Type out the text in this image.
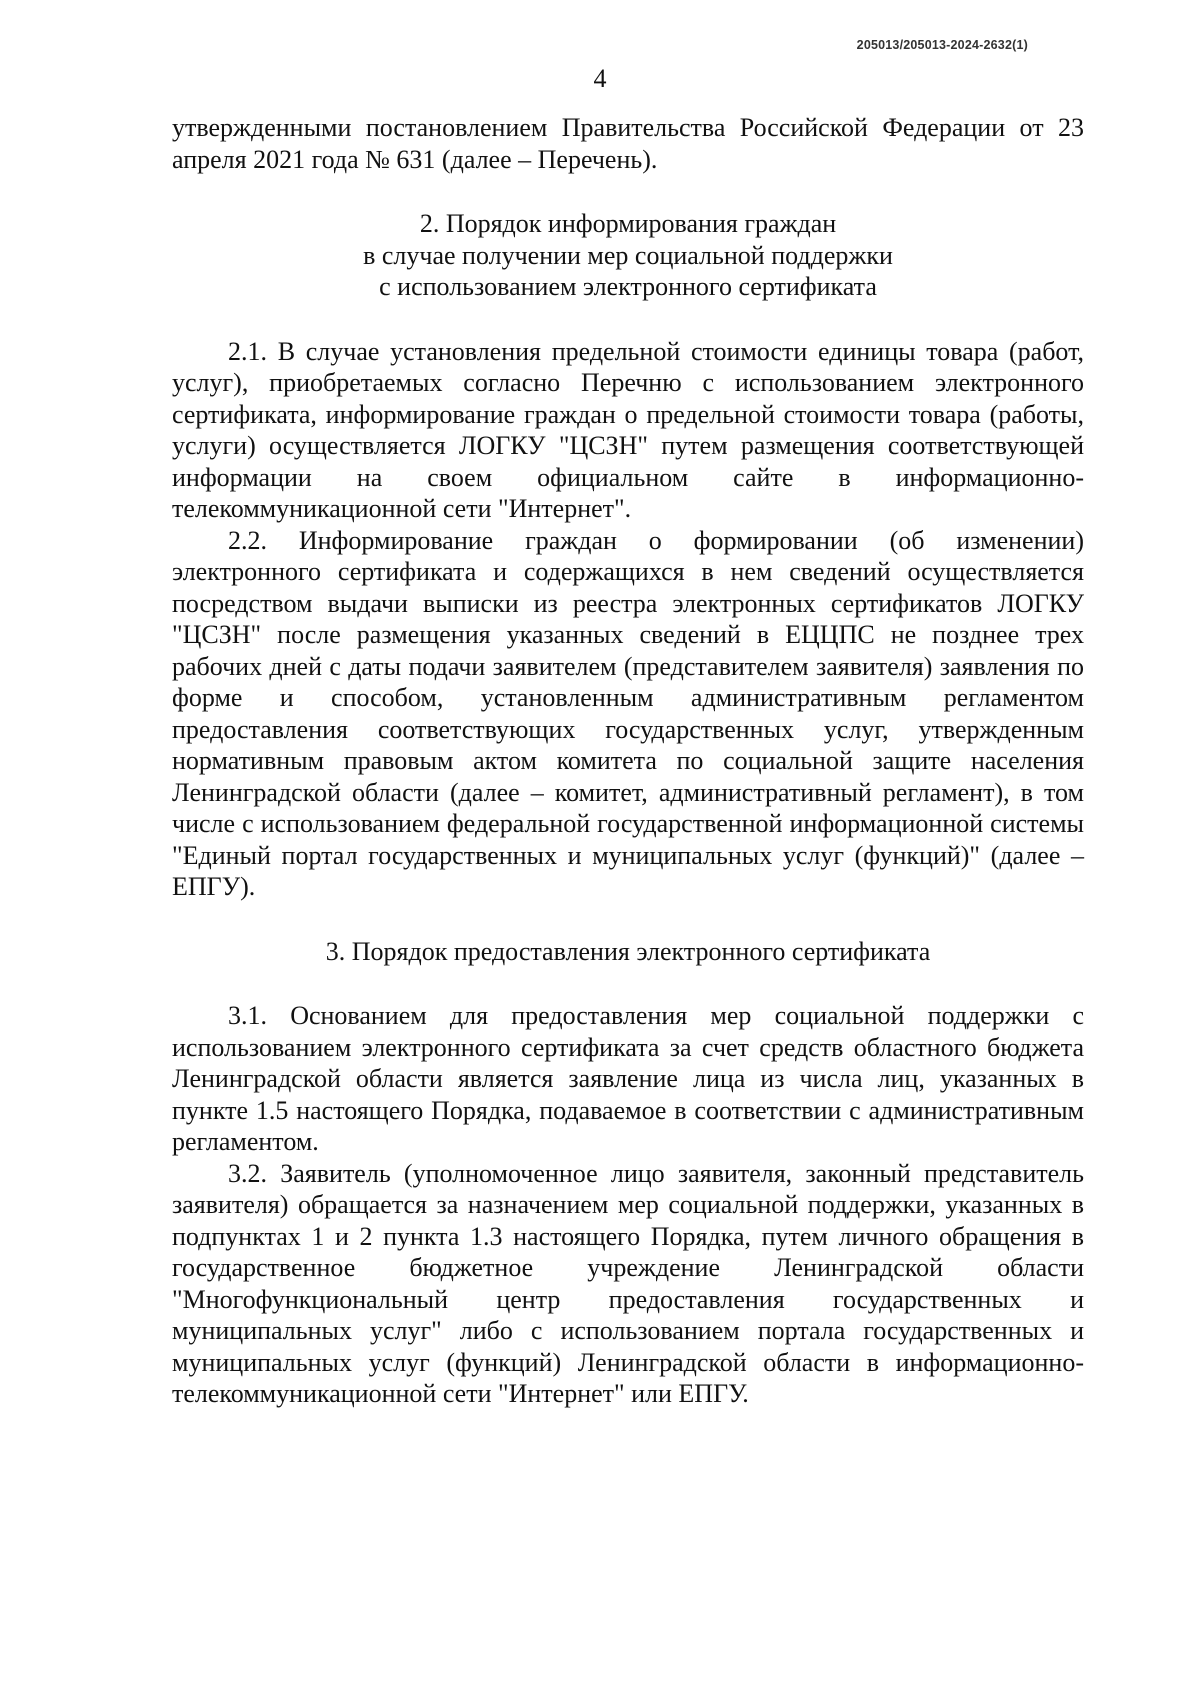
205013/205013-2024-2632(1)
4

утвержденными постановлением Правительства Российской Федерации от 23 апреля 2021 года № 631 (далее – Перечень).

2. Порядок информирования граждан
в случае получении мер социальной поддержки
с использованием электронного сертификата

2.1. В случае установления предельной стоимости единицы товара (работ, услуг), приобретаемых согласно Перечню с использованием электронного сертификата, информирование граждан о предельной стоимости товара (работы, услуги) осуществляется ЛОГКУ "ЦСЗН" путем размещения соответствующей информации на своем официальном сайте в информационно-телекоммуникационной сети "Интернет".

2.2. Информирование граждан о формировании (об изменении) электронного сертификата и содержащихся в нем сведений осуществляется посредством выдачи выписки из реестра электронных сертификатов ЛОГКУ "ЦСЗН" после размещения указанных сведений в ЕЦЦПС не позднее трех рабочих дней с даты подачи заявителем (представителем заявителя) заявления по форме и способом, установленным административным регламентом предоставления соответствующих государственных услуг, утвержденным нормативным правовым актом комитета по социальной защите населения Ленинградской области (далее – комитет, административный регламент), в том числе с использованием федеральной государственной информационной системы "Единый портал государственных и муниципальных услуг (функций)" (далее – ЕПГУ).

3. Порядок предоставления электронного сертификата

3.1. Основанием для предоставления мер социальной поддержки с использованием электронного сертификата за счет средств областного бюджета Ленинградской области является заявление лица из числа лиц, указанных в пункте 1.5 настоящего Порядка, подаваемое в соответствии с административным регламентом.

3.2. Заявитель (уполномоченное лицо заявителя, законный представитель заявителя) обращается за назначением мер социальной поддержки, указанных в подпунктах 1 и 2 пункта 1.3 настоящего Порядка, путем личного обращения в государственное бюджетное учреждение Ленинградской области "Многофункциональный центр предоставления государственных и муниципальных услуг" либо с использованием портала государственных и муниципальных услуг (функций) Ленинградской области в информационно-телекоммуникационной сети "Интернет" или ЕПГУ.
